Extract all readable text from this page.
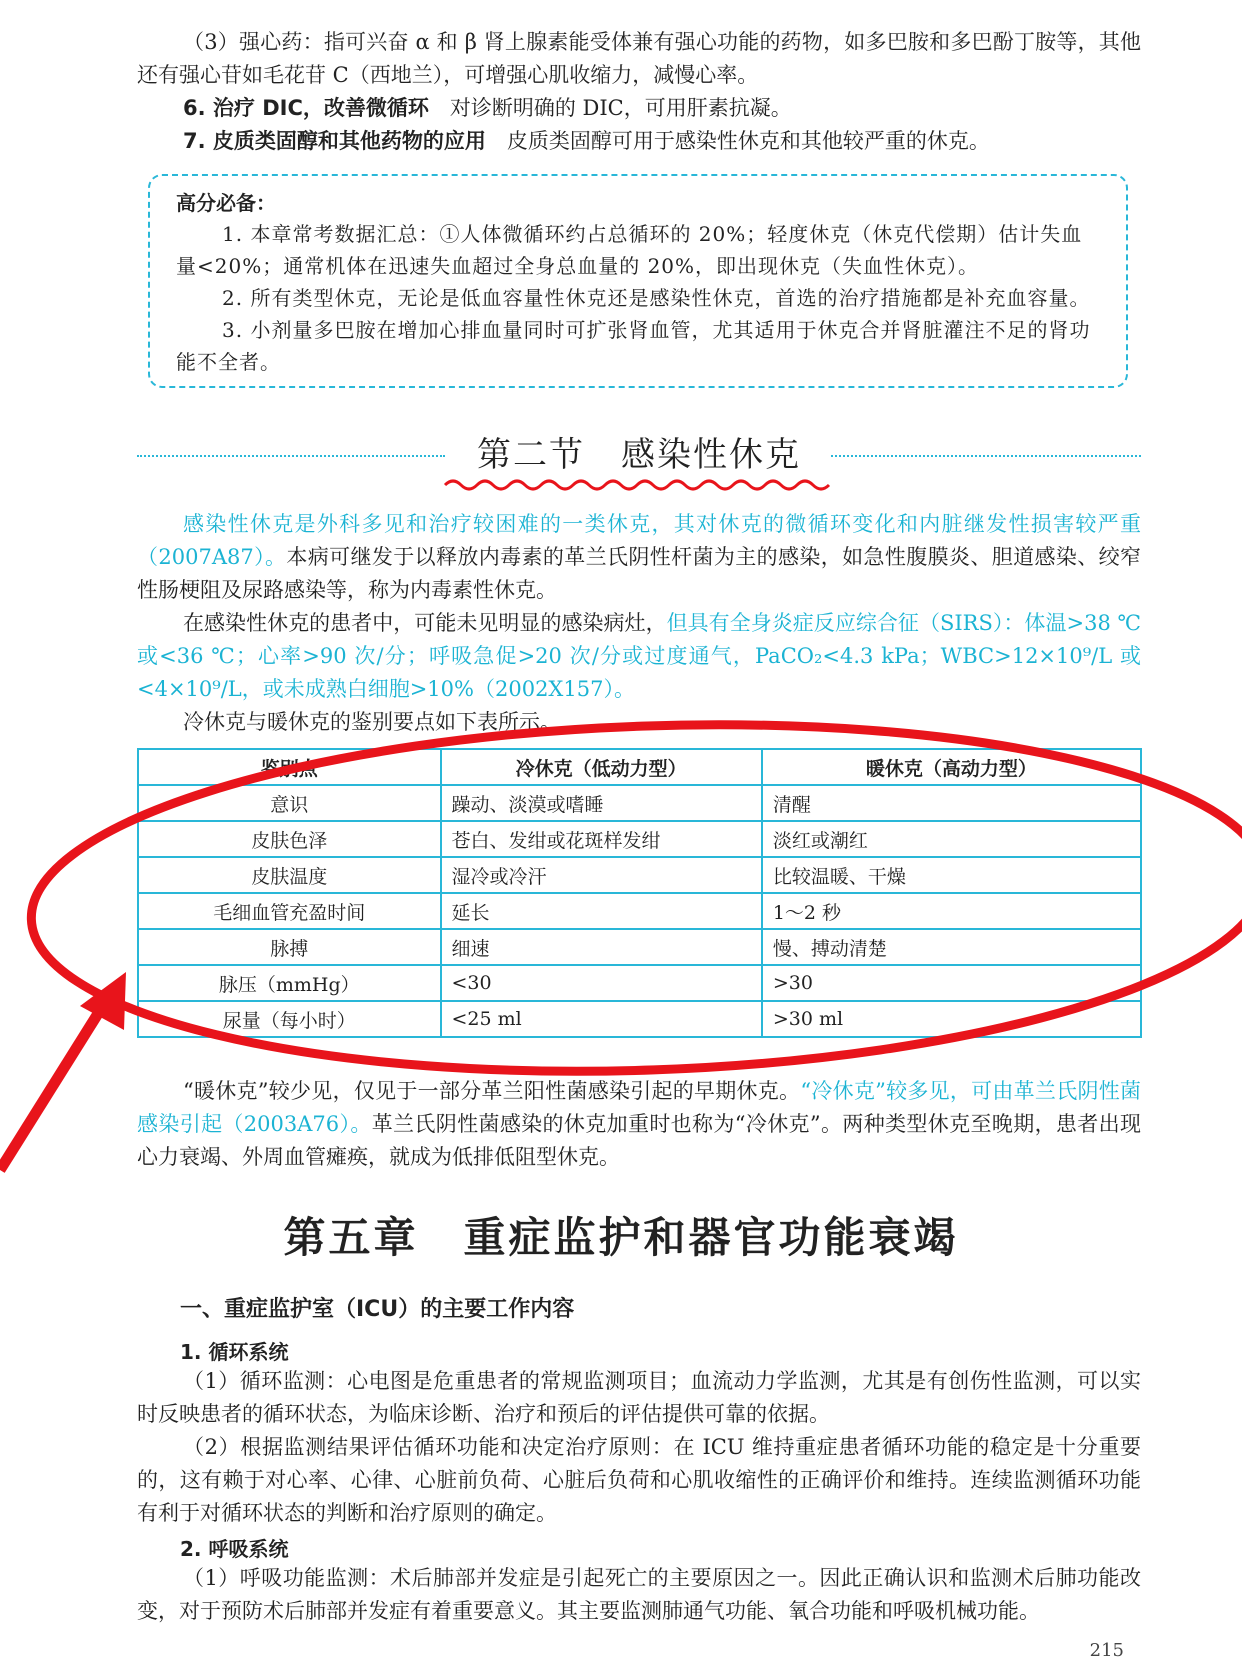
（3）强心药：指可兴奋 α 和 β 肾上腺素能受体兼有强心功能的药物，如多巴胺和多巴酚丁胺等，其他还有强心苷如毛花苷 C（西地兰），可增强心肌收缩力，减慢心率。

6. 治疗 DIC，改善微循环　对诊断明确的 DIC，可用肝素抗凝。

7. 皮质类固醇和其他药物的应用　皮质类固醇可用于感染性休克和其他较严重的休克。

高分必备：

1. 本章常考数据汇总：①人体微循环约占总循环的 20%；轻度休克（休克代偿期）估计失血量<20%；通常机体在迅速失血超过全身总血量的 20%，即出现休克（失血性休克）。

2. 所有类型休克，无论是低血容量性休克还是感染性休克，首选的治疗措施都是补充血容量。

3. 小剂量多巴胺在增加心排血量同时可扩张肾血管，尤其适用于休克合并肾脏灌注不足的肾功能不全者。

第二节　感染性休克

感染性休克是外科多见和治疗较困难的一类休克，其对休克的微循环变化和内脏继发性损害较严重（2007A87）。本病可继发于以释放内毒素的革兰氏阴性杆菌为主的感染，如急性腹膜炎、胆道感染、绞窄性肠梗阻及尿路感染等，称为内毒素性休克。

在感染性休克的患者中，可能未见明显的感染病灶，但具有全身炎症反应综合征（SIRS）：体温>38 ℃或<36 ℃；心率>90 次/分；呼吸急促>20 次/分或过度通气，PaCO₂<4.3 kPa；WBC>12×10⁹/L 或<4×10⁹/L，或未成熟白细胞>10%（2002X157）。

冷休克与暖休克的鉴别要点如下表所示。

鉴别点	冷休克（低动力型）	暖休克（高动力型）
意识	躁动、淡漠或嗜睡	清醒
皮肤色泽	苍白、发绀或花斑样发绀	淡红或潮红
皮肤温度	湿冷或冷汗	比较温暖、干燥
毛细血管充盈时间	延长	1～2 秒
脉搏	细速	慢、搏动清楚
脉压（mmHg）	<30	>30
尿量（每小时）	<25 ml	>30 ml

“暖休克”较少见，仅见于一部分革兰阳性菌感染引起的早期休克。“冷休克”较多见，可由革兰氏阴性菌感染引起（2003A76）。革兰氏阴性菌感染的休克加重时也称为“冷休克”。两种类型休克至晚期，患者出现心力衰竭、外周血管瘫痪，就成为低排低阻型休克。

第五章　重症监护和器官功能衰竭
一、重症监护室（ICU）的主要工作内容
1. 循环系统

（1）循环监测：心电图是危重患者的常规监测项目；血流动力学监测，尤其是有创伤性监测，可以实时反映患者的循环状态，为临床诊断、治疗和预后的评估提供可靠的依据。

（2）根据监测结果评估循环功能和决定治疗原则：在 ICU 维持重症患者循环功能的稳定是十分重要的，这有赖于对心率、心律、心脏前负荷、心脏后负荷和心肌收缩性的正确评价和维持。连续监测循环功能有利于对循环状态的判断和治疗原则的确定。

2. 呼吸系统

（1）呼吸功能监测：术后肺部并发症是引起死亡的主要原因之一。因此正确认识和监测术后肺功能改变，对于预防术后肺部并发症有着重要意义。其主要监测肺通气功能、氧合功能和呼吸机械功能。

215
